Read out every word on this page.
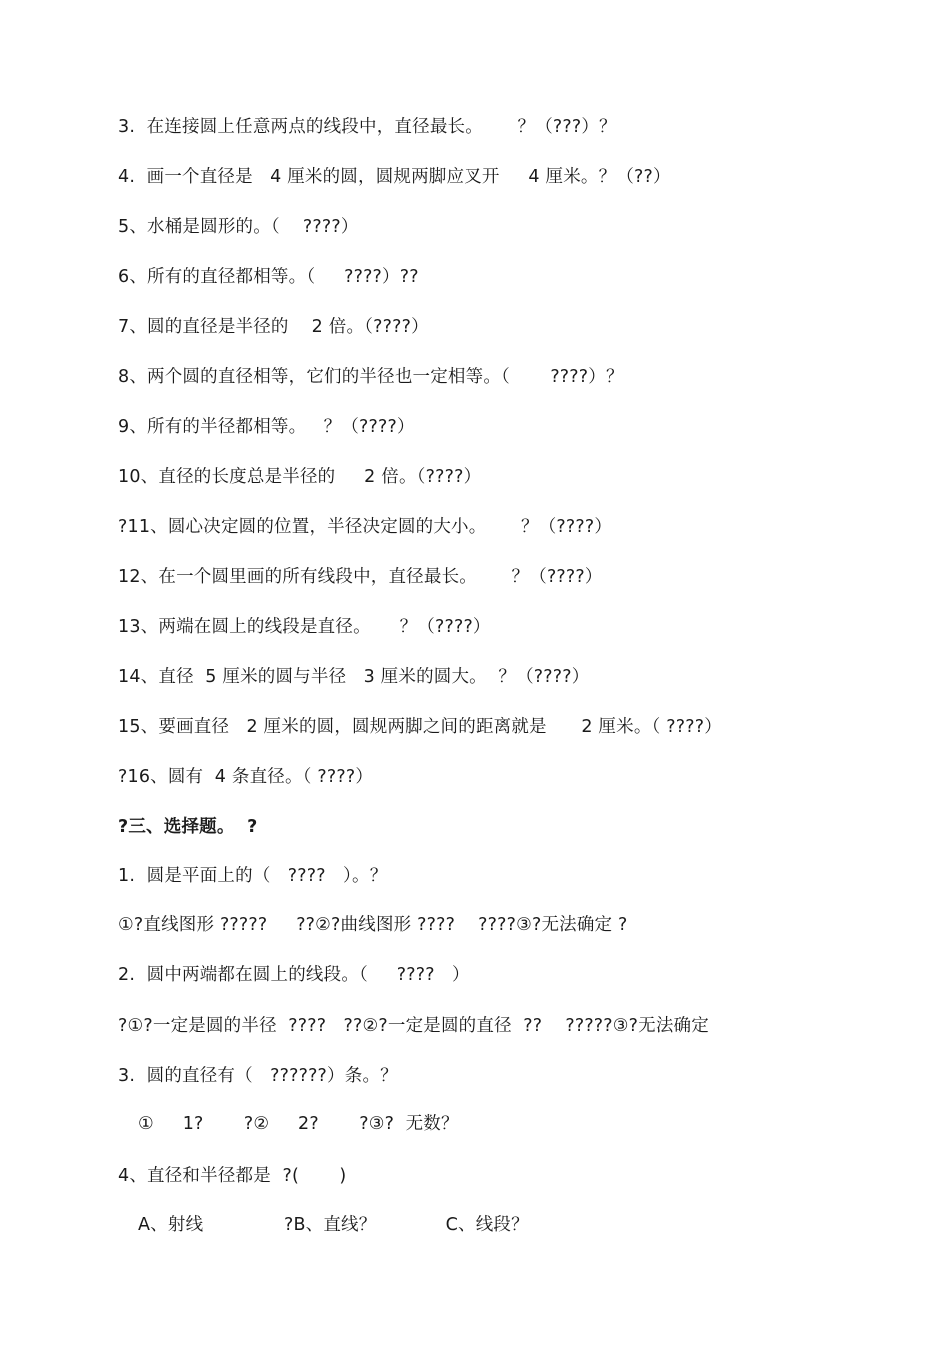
3.  在连接圆上任意两点的线段中，直径最长。      ？（???）？
4.  画一个直径是   4 厘米的圆，圆规两脚应叉开     4 厘米。？（??）
5、水桶是圆形的。（    ????）
6、所有的直径都相等。（     ????）??
7、圆的直径是半径的    2 倍。（????）
8、两个圆的直径相等，它们的半径也一定相等。（       ????）？
9、所有的半径都相等。   ？（????）
10、直径的长度总是半径的     2 倍。（????）
?11、圆心决定圆的位置，半径决定圆的大小。      ？（????）
12、在一个圆里画的所有线段中，直径最长。      ？（????）
13、两端在圆上的线段是直径。     ？（????）
14、直径  5 厘米的圆与半径   3 厘米的圆大。  ？（????）
15、要画直径   2 厘米的圆，圆规两脚之间的距离就是      2 厘米。（ ????）
?16、圆有  4 条直径。（ ????）
?三、选择题。  ?
1.  圆是平面上的（   ????   ）。？
①?直线图形 ?????     ??②?曲线图形 ????    ????③?无法确定 ?
2.  圆中两端都在圆上的线段。（     ????   ）
?①?一定是圆的半径  ????   ??②?一定是圆的直径  ??    ?????③?无法确定
3.  圆的直径有（   ??????）条。？
①     1?       ?②     2?       ?③?  无数？
4、直径和半径都是  ?(       )
A、射线              ?B、直线？            C、线段？
